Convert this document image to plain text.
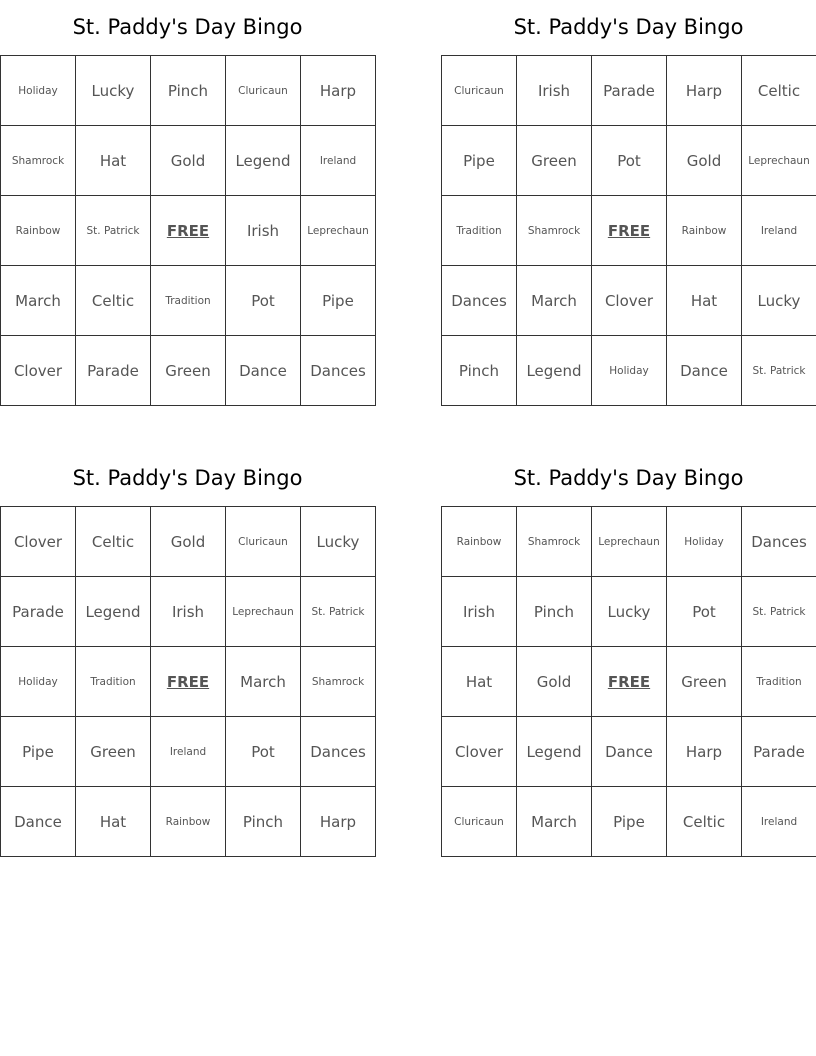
St. Paddy's Day Bingo
Holiday	Lucky	Pinch	Cluricaun	Harp
Shamrock	Hat	Gold	Legend	Ireland
Rainbow	St. Patrick	FREE	Irish	Leprechaun
March	Celtic	Tradition	Pot	Pipe
Clover	Parade	Green	Dance	Dances
St. Paddy's Day Bingo
Cluricaun	Irish	Parade	Harp	Celtic
Pipe	Green	Pot	Gold	Leprechaun
Tradition	Shamrock	FREE	Rainbow	Ireland
Dances	March	Clover	Hat	Lucky
Pinch	Legend	Holiday	Dance	St. Patrick
St. Paddy's Day Bingo
Clover	Celtic	Gold	Cluricaun	Lucky
Parade	Legend	Irish	Leprechaun	St. Patrick
Holiday	Tradition	FREE	March	Shamrock
Pipe	Green	Ireland	Pot	Dances
Dance	Hat	Rainbow	Pinch	Harp
St. Paddy's Day Bingo
Rainbow	Shamrock	Leprechaun	Holiday	Dances
Irish	Pinch	Lucky	Pot	St. Patrick
Hat	Gold	FREE	Green	Tradition
Clover	Legend	Dance	Harp	Parade
Cluricaun	March	Pipe	Celtic	Ireland
